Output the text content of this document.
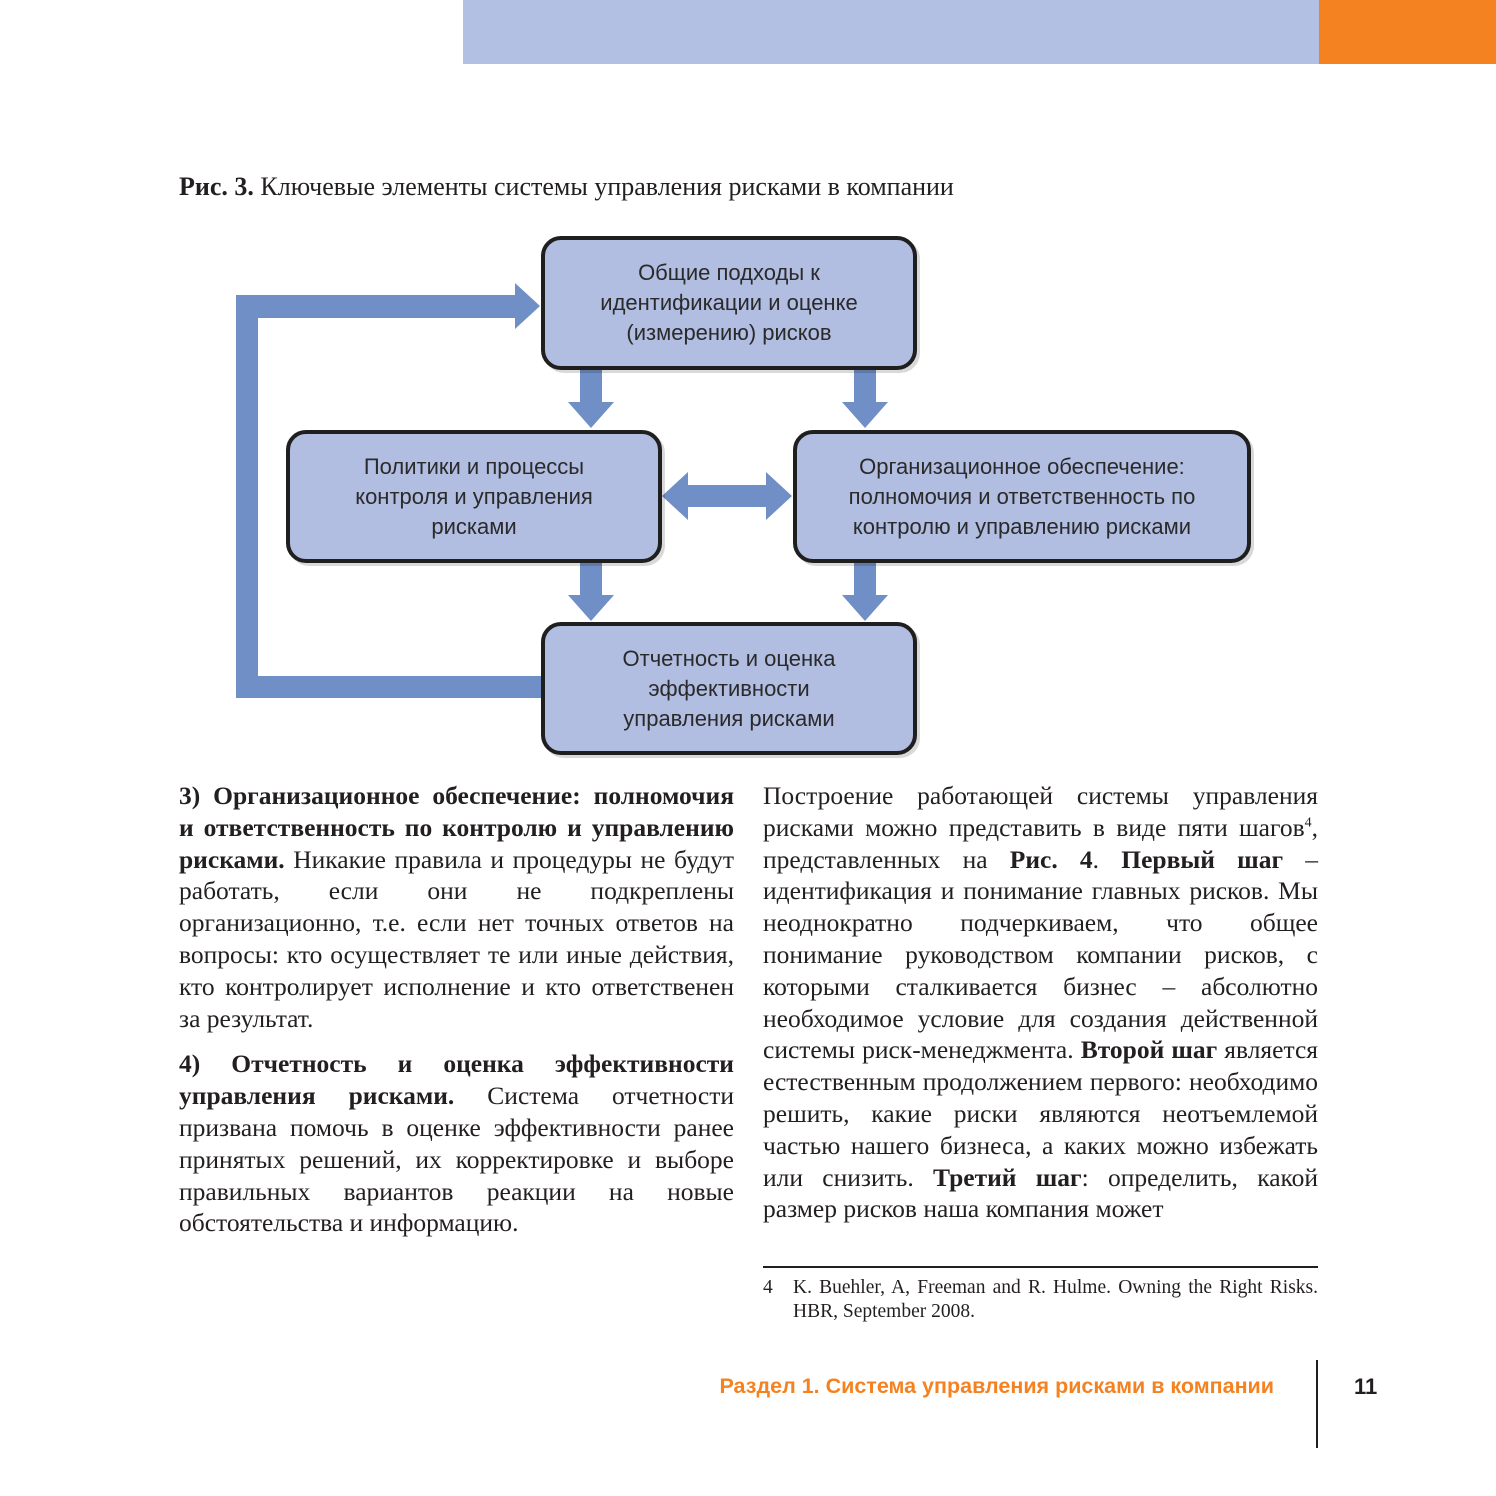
Рис. 3. Ключевые элементы системы управления рисками в компании
Общие подходы к
идентификации и оценке
(измерению) рисков
Политики и процессы
контроля и управления
рисками
Организационное обеспечение:
полномочия и ответственность по
контролю и управлению рисками
Отчетность и оценка
эффективности
управления рисками

3) Организационное обеспечение: полномочия и ответственность по контролю и управлению рисками. Никакие правила и процедуры не будут работать, если они не подкреплены организационно, т.е. если нет точных ответов на вопросы: кто осуществляет те или иные действия, кто контролирует исполнение и кто ответственен за результат.

4) Отчетность и оценка эффективности управления рисками. Система отчетности призвана помочь в оценке эффективности ранее принятых решений, их корректировке и выборе правильных вариантов реакции на новые обстоятельства и информацию.

Построение работающей системы управления рисками можно представить в виде пяти шагов$^4$, представленных на Рис. 4. Первый шаг – идентификация и понимание главных рисков. Мы неоднократно подчеркиваем, что общее понимание руководством компании рисков, с которыми сталкивается бизнес – абсолютно необходимое условие для создания действенной системы риск-менеджмента. Второй шаг является естественным продолжением первого: необходимо решить, какие риски являются неотъемлемой частью нашего бизнеса, а каких можно избежать или снизить. Третий шаг: определить, какой размер рисков наша компания может

4 K. Buehler, A, Freeman and R. Hulme. Owning the Right Risks. HBR, September 2008.
Раздел 1. Система управления рисками в компании	11
